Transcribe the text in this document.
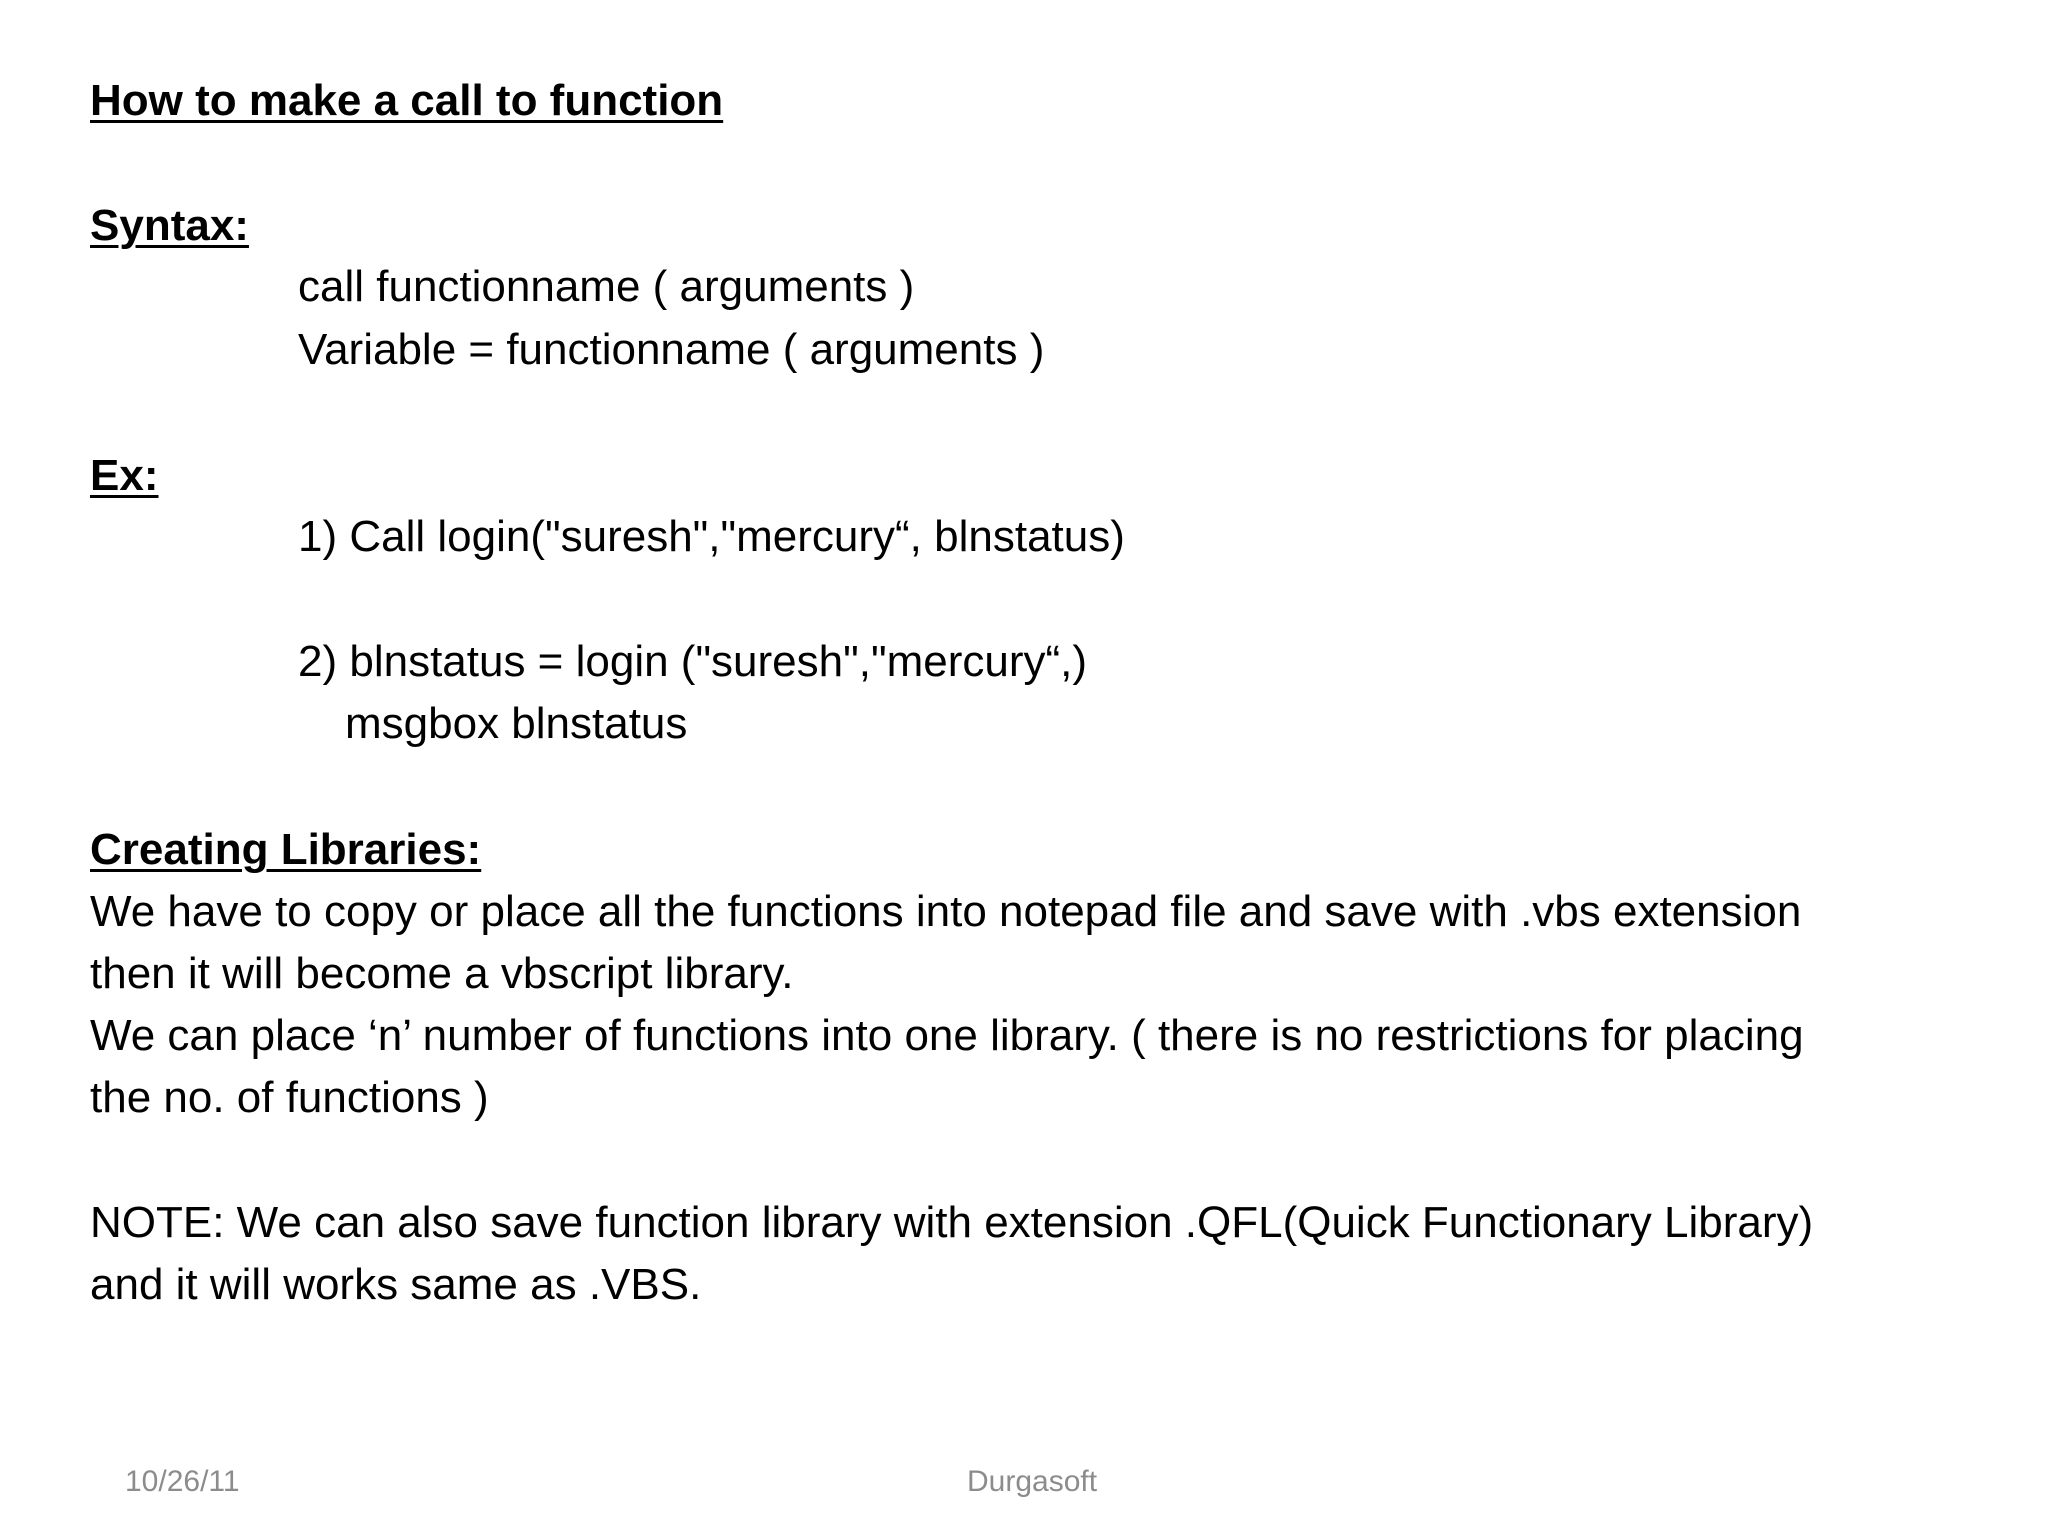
How to make a call to function
Syntax:
call functionname ( arguments )
Variable = functionname ( arguments )
Ex:
1) Call login("suresh","mercury“, blnstatus)
2) blnstatus = login ("suresh","mercury“,)
msgbox blnstatus
Creating Libraries:
We have to copy or place all the functions into notepad file and save with .vbs extension
then it will become a vbscript library.
We can place ‘n’ number of functions into one library. ( there is no restrictions for placing
the no. of functions )
NOTE: We can also save function library with extension .QFL(Quick Functionary Library)
and it will works same as .VBS.
10/26/11	Durgasoft
